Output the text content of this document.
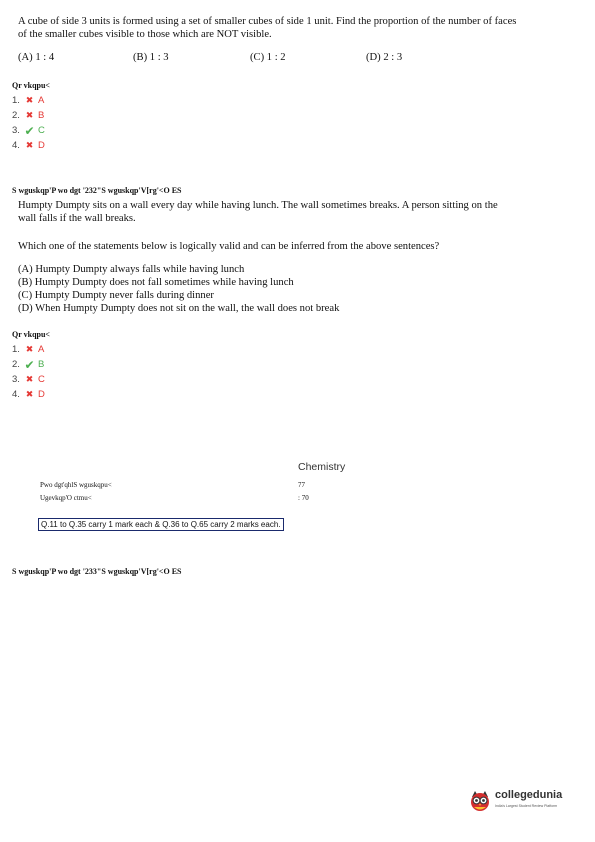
A cube of side 3 units is formed using a set of smaller cubes of side 1 unit. Find the proportion of the number of faces of the smaller cubes visible to those which are NOT visible.
(A) 1 : 4	(B) 1 : 3	(C) 1 : 2	(D) 2 : 3
Qr vkqpu<
1. ✖ A
2. ✖ B
3. ✔ C
4. ✖ D
S wguskqp'P wo dgt '232"S wguskqp'V[rg'<O ES
Humpty Dumpty sits on a wall every day while having lunch. The wall sometimes breaks. A person sitting on the wall falls if the wall breaks.
Which one of the statements below is logically valid and can be inferred from the above sentences?
(A) Humpty Dumpty always falls while having lunch
(B) Humpty Dumpty does not fall sometimes while having lunch
(C) Humpty Dumpty never falls during dinner
(D) When Humpty Dumpty does not sit on the wall, the wall does not break
Qr vkqpu<
1. ✖ A
2. ✔ B
3. ✖ C
4. ✖ D
Chemistry
Pwo dgt'qhlS wguskqpu<	77
Ugevkqp'O ctmu<	: 70
Q.11 to Q.35 carry 1 mark each & Q.36 to Q.65 carry 2 marks each.
S wguskqp'P wo dgt '233"S wguskqp'V[rg'<O ES
collegedunia
India's Largest Student Review Platform
